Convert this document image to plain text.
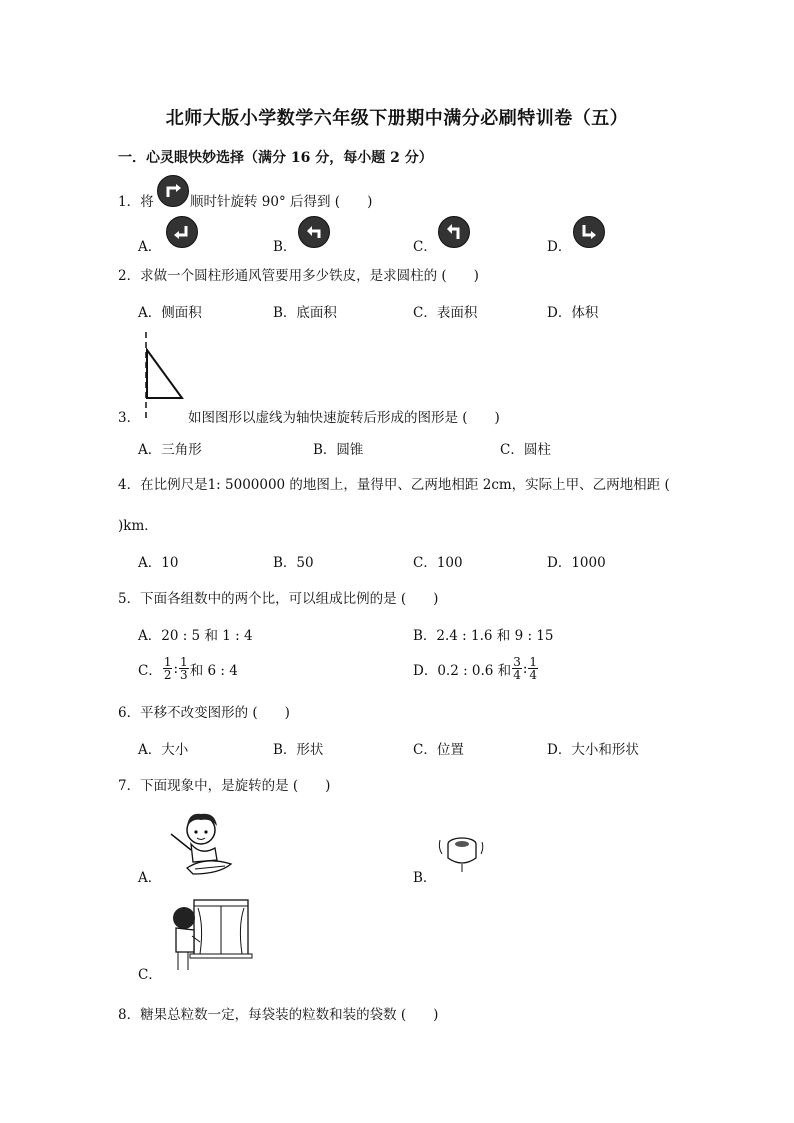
北师大版小学数学六年级下册期中满分必刷特训卷（五）
一．心灵眼快妙选择（满分 16 分，每小题 2 分）
1．将	顺时针旋转 90° 后得到 (　　)
A．	B．	C．	D．
2．求做一个圆柱形通风管要用多少铁皮，是求圆柱的 (　　)
A．侧面积	B．底面积	C．表面积	D．体积
3．	如图图形以虚线为轴快速旋转后形成的图形是 (　　)
A．三角形	B．圆锥	C．圆柱
4．在比例尺是1: 5000000 的地图上，量得甲、乙两地相距 2cm，实际上甲、乙两地相距 (
)km．
A．10	B．50	C．100	D．1000
5．下面各组数中的两个比，可以组成比例的是 (　　)
A．20 : 5 和 1 : 4	B．2.4 : 1.6 和 9 : 15
C． $\frac{1}{2}$ : $\frac{1}{3}$ 和 6 : 4	D．0.2 : 0.6 和 $\frac{3}{4}$ : $\frac{1}{4}$
6．平移不改变图形的 (　　)
A．大小	B．形状	C．位置	D．大小和形状
7．下面现象中，是旋转的是 (　　)
A．	B．
C．
8．糖果总粒数一定，每袋装的粒数和装的袋数 (　　)
